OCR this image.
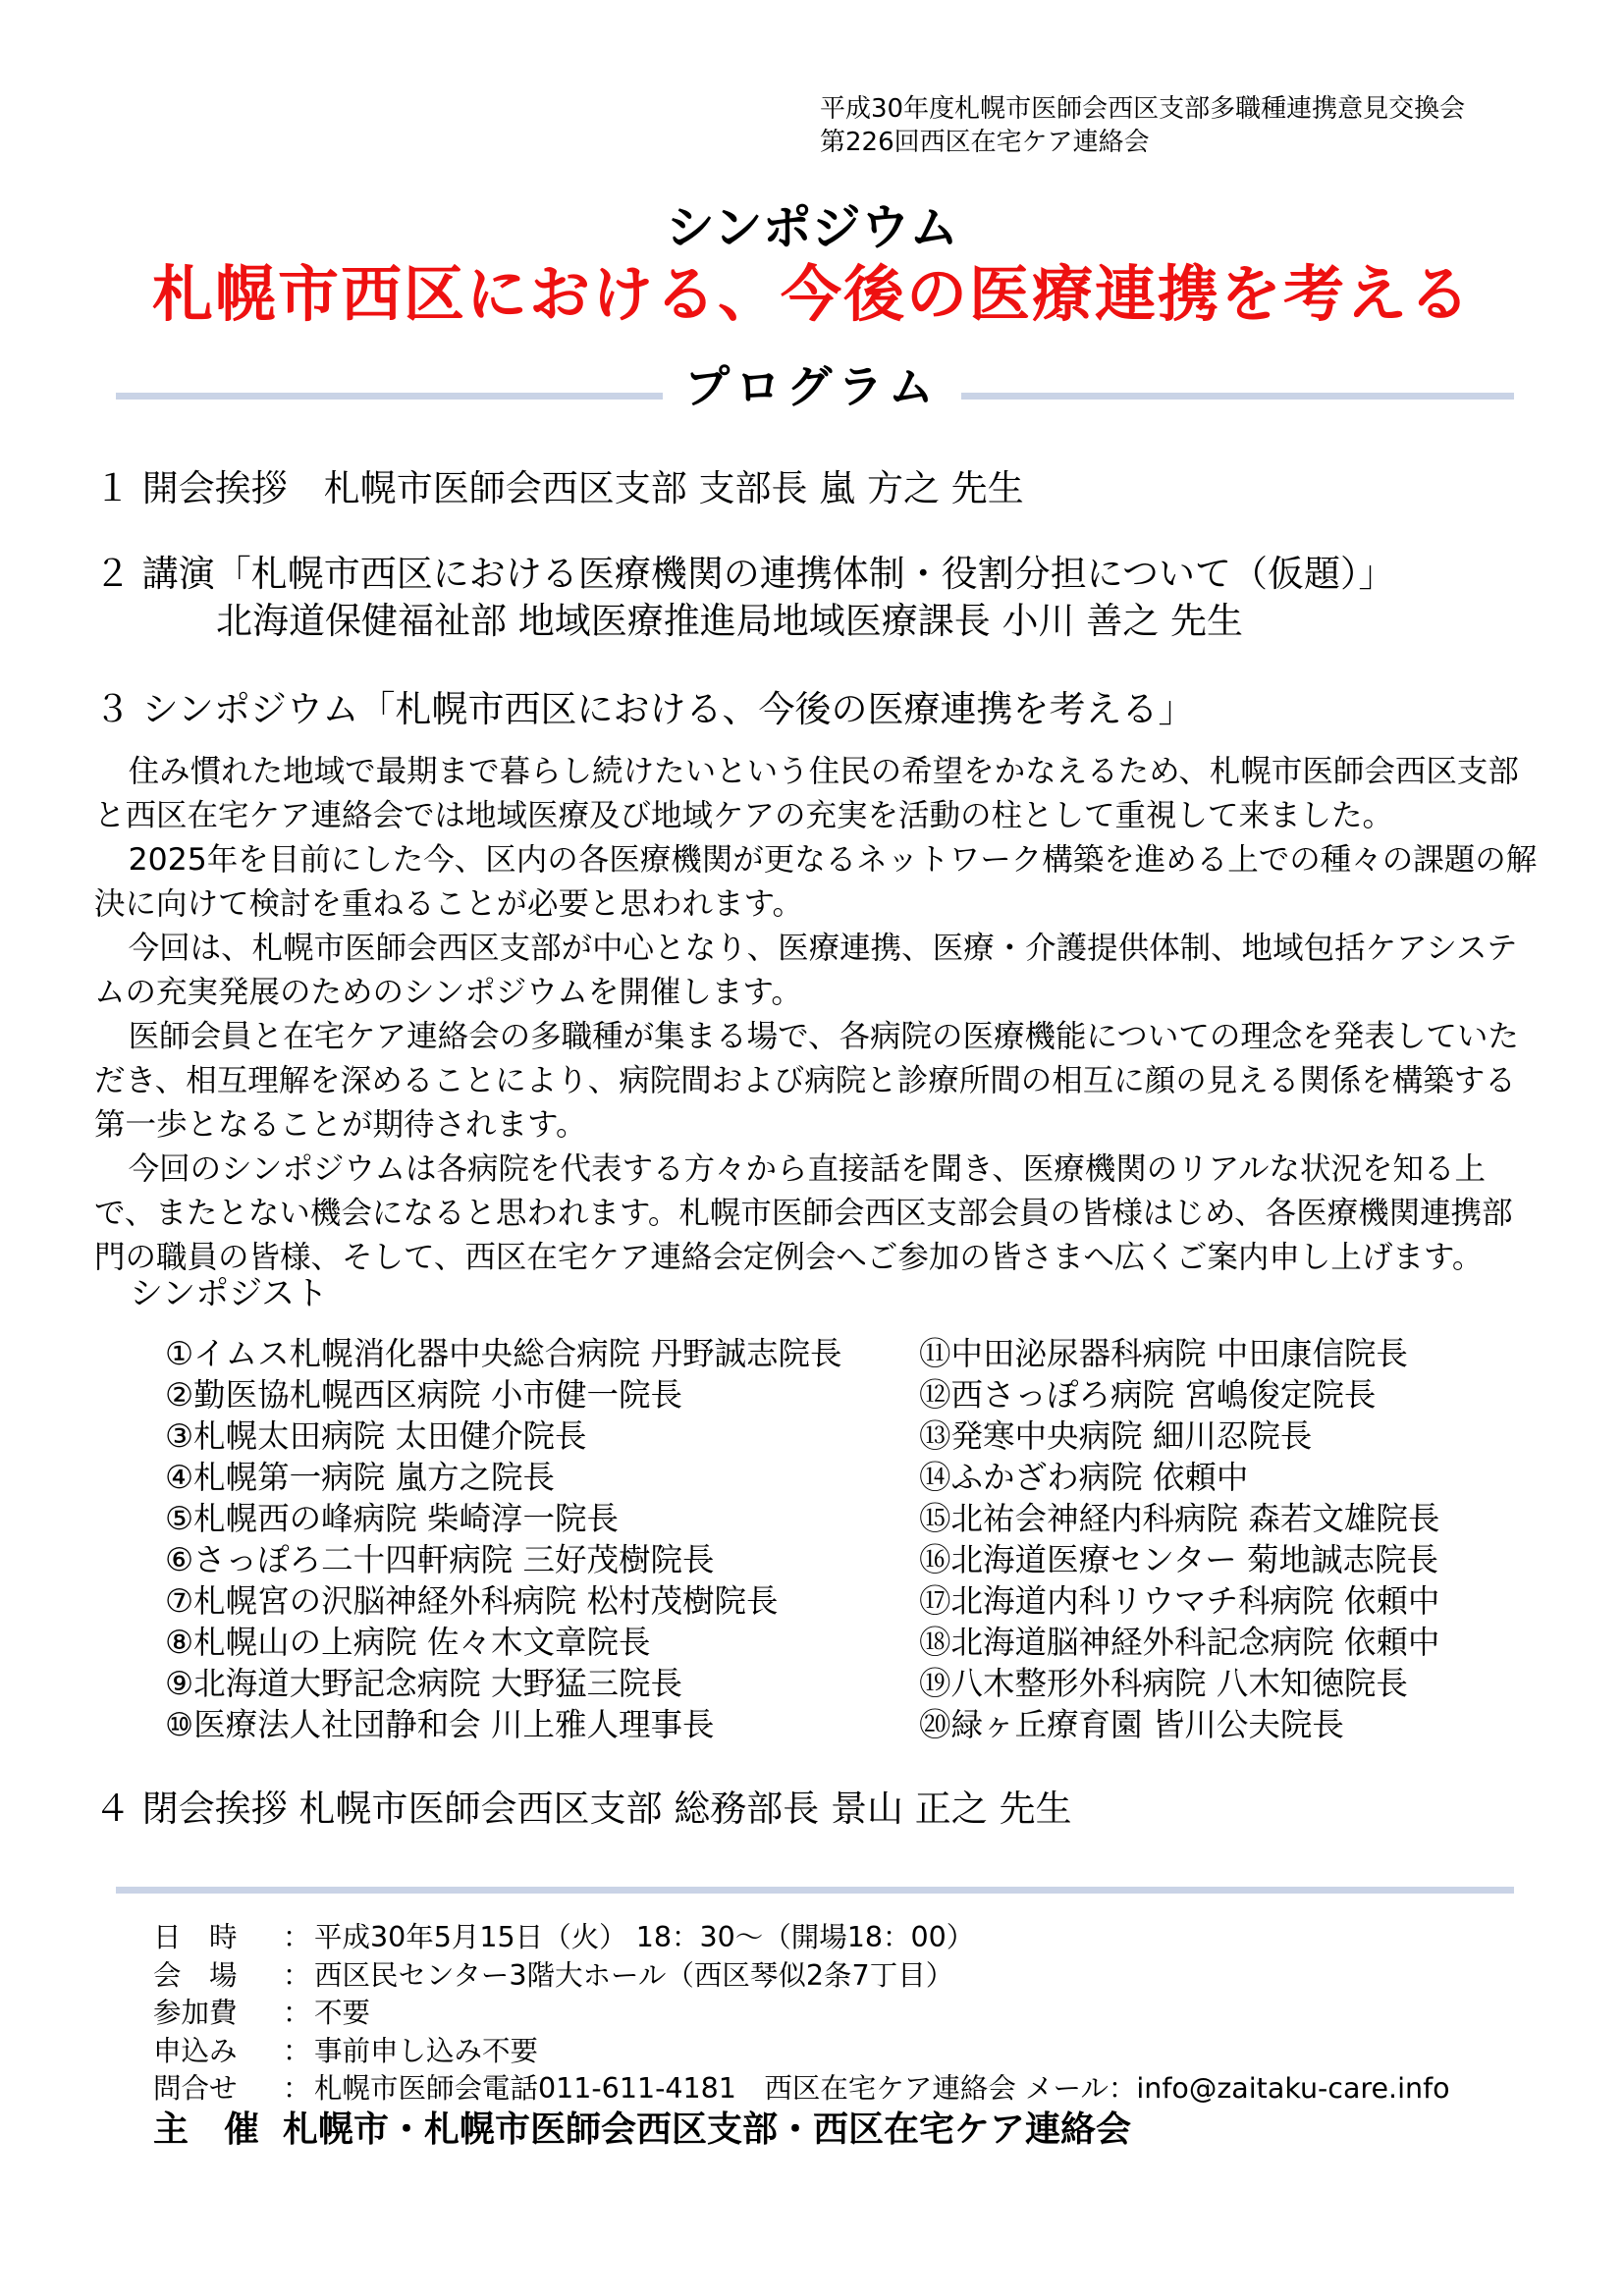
平成30年度札幌市医師会西区支部多職種連携意見交換会
第226回西区在宅ケア連絡会
シンポジウム
札幌市西区における、今後の医療連携を考える
プログラム
１ 開会挨拶　札幌市医師会西区支部 支部長 嵐 方之 先生
２ 講演「札幌市西区における医療機関の連携体制・役割分担について（仮題）」
北海道保健福祉部 地域医療推進局地域医療課長 小川 善之 先生
３ シンポジウム「札幌市西区における、今後の医療連携を考える」

住み慣れた地域で最期まで暮らし続けたいという住民の希望をかなえるため、札幌市医師会西区支部と西区在宅ケア連絡会では地域医療及び地域ケアの充実を活動の柱として重視して来ました。

2025年を目前にした今、区内の各医療機関が更なるネットワーク構築を進める上での種々の課題の解決に向けて検討を重ねることが必要と思われます。

今回は、札幌市医師会西区支部が中心となり、医療連携、医療・介護提供体制、地域包括ケアシステムの充実発展のためのシンポジウムを開催します。

医師会員と在宅ケア連絡会の多職種が集まる場で、各病院の医療機能についての理念を発表していただき、相互理解を深めることにより、病院間および病院と診療所間の相互に顔の見える関係を構築する第一歩となることが期待されます。

今回のシンポジウムは各病院を代表する方々から直接話を聞き、医療機関のリアルな状況を知る上で、またとない機会になると思われます。札幌市医師会西区支部会員の皆様はじめ、各医療機関連携部門の職員の皆様、そして、西区在宅ケア連絡会定例会へご参加の皆さまへ広くご案内申し上げます。

シンポジスト
①イムス札幌消化器中央総合病院 丹野誠志院長
②勤医協札幌西区病院 小市健一院長
③札幌太田病院 太田健介院長
④札幌第一病院 嵐方之院長
⑤札幌西の峰病院 柴崎淳一院長
⑥さっぽろ二十四軒病院 三好茂樹院長
⑦札幌宮の沢脳神経外科病院 松村茂樹院長
⑧札幌山の上病院 佐々木文章院長
⑨北海道大野記念病院 大野猛三院長
⑩医療法人社団静和会 川上雅人理事長
⑪中田泌尿器科病院 中田康信院長
⑫西さっぽろ病院 宮嶋俊定院長
⑬発寒中央病院 細川忍院長
⑭ふかざわ病院 依頼中
⑮北祐会神経内科病院 森若文雄院長
⑯北海道医療センター 菊地誠志院長
⑰北海道内科リウマチ科病院 依頼中
⑱北海道脳神経外科記念病院 依頼中
⑲八木整形外科病院 八木知徳院長
⑳緑ヶ丘療育園 皆川公夫院長
４ 閉会挨拶 札幌市医師会西区支部 総務部長 景山 正之 先生
日　時	： 平成30年5月15日（火） 18：30～（開場18：00）
会　場	： 西区民センター3階大ホール（西区琴似2条7丁目）
参加費	： 不要
申込み	： 事前申し込み不要
問合せ	： 札幌市医師会電話011-611-4181　西区在宅ケア連絡会 メール：info@zaitaku-care.info
主　催 札幌市・札幌市医師会西区支部・西区在宅ケア連絡会
